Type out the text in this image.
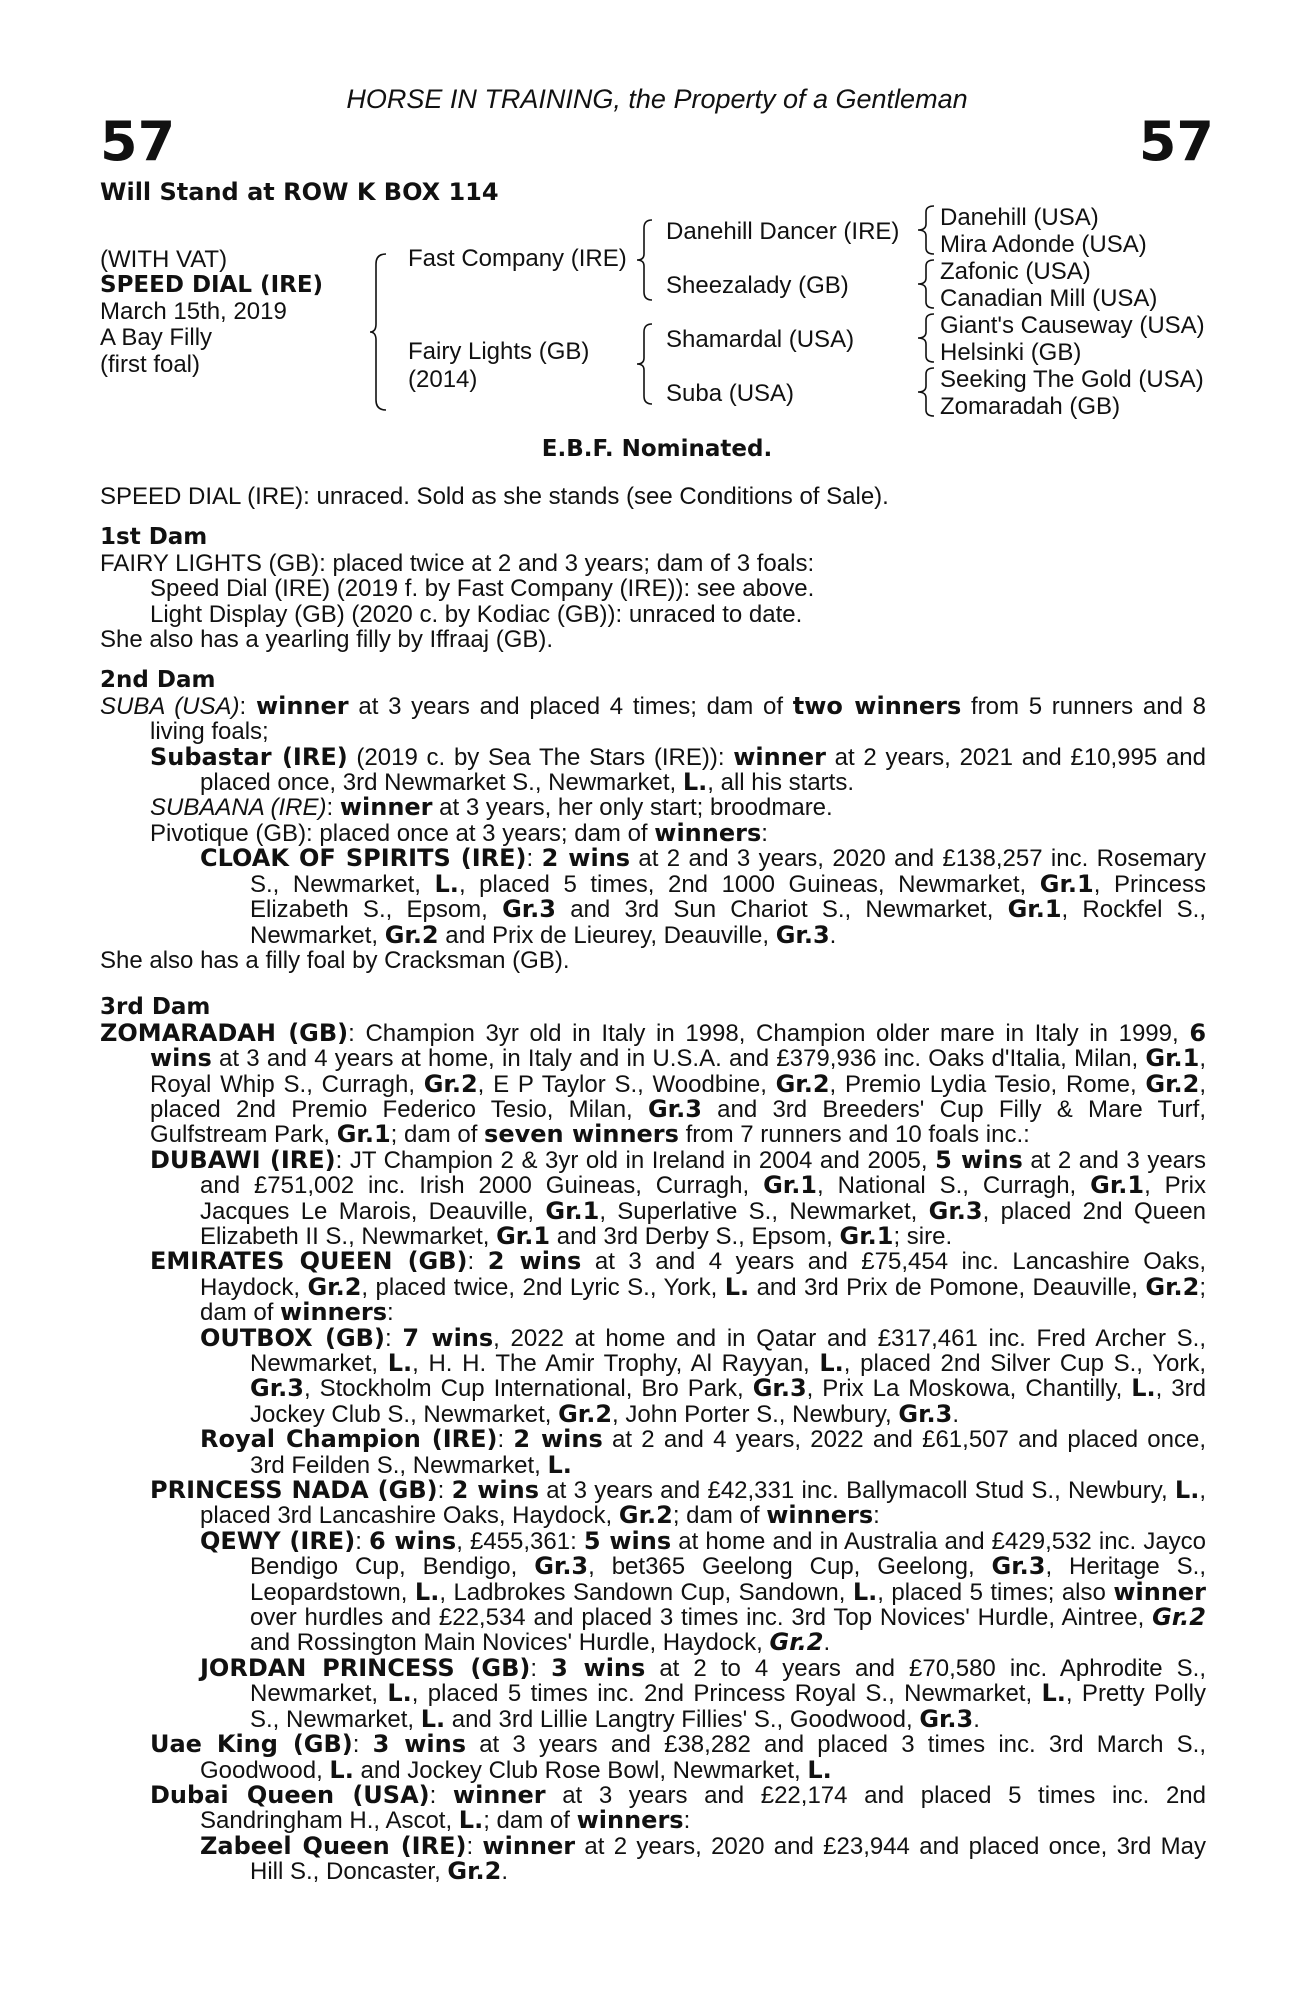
HORSE IN TRAINING, the Property of a Gentleman
57	57
Will Stand at ROW K BOX 114
(WITH VAT)
SPEED DIAL (IRE)
March 15th, 2019
A Bay Filly
(first foal)
Fast Company (IRE)
Fairy Lights (GB)
(2014)
Danehill Dancer (IRE)
Sheezalady (GB)
Shamardal (USA)
Suba (USA)
Danehill (USA)
Mira Adonde (USA)
Zafonic (USA)
Canadian Mill (USA)
Giant's Causeway (USA)
Helsinki (GB)
Seeking The Gold (USA)
Zomaradah (GB)
E.B.F. Nominated.

SPEED DIAL (IRE): unraced. Sold as she stands (see Conditions of Sale).

1st Dam

FAIRY LIGHTS (GB): placed twice at 2 and 3 years; dam of 3 foals:

Speed Dial (IRE) (2019 f. by Fast Company (IRE)): see above.

Light Display (GB) (2020 c. by Kodiac (GB)): unraced to date.

She also has a yearling filly by Iffraaj (GB).

2nd Dam

SUBA (USA): winner at 3 years and placed 4 times; dam of two winners from 5 runners and 8 living foals;

Subastar (IRE) (2019 c. by Sea The Stars (IRE)): winner at 2 years, 2021 and £10,995 and placed once, 3rd Newmarket S., Newmarket, L., all his starts.

SUBAANA (IRE): winner at 3 years, her only start; broodmare.

Pivotique (GB): placed once at 3 years; dam of winners:

CLOAK OF SPIRITS (IRE): 2 wins at 2 and 3 years, 2020 and £138,257 inc. Rosemary S., Newmarket, L., placed 5 times, 2nd 1000 Guineas, Newmarket, Gr.1, Princess Elizabeth S., Epsom, Gr.3 and 3rd Sun Chariot S., Newmarket, Gr.1, Rockfel S., Newmarket, Gr.2 and Prix de Lieurey, Deauville, Gr.3.

She also has a filly foal by Cracksman (GB).

3rd Dam

ZOMARADAH (GB): Champion 3yr old in Italy in 1998, Champion older mare in Italy in 1999, 6 wins at 3 and 4 years at home, in Italy and in U.S.A. and £379,936 inc. Oaks d'Italia, Milan, Gr.1, Royal Whip S., Curragh, Gr.2, E P Taylor S., Woodbine, Gr.2, Premio Lydia Tesio, Rome, Gr.2, placed 2nd Premio Federico Tesio, Milan, Gr.3 and 3rd Breeders' Cup Filly & Mare Turf, Gulfstream Park, Gr.1; dam of seven winners from 7 runners and 10 foals inc.:

DUBAWI (IRE): JT Champion 2 & 3yr old in Ireland in 2004 and 2005, 5 wins at 2 and 3 years and £751,002 inc. Irish 2000 Guineas, Curragh, Gr.1, National S., Curragh, Gr.1, Prix Jacques Le Marois, Deauville, Gr.1, Superlative S., Newmarket, Gr.3, placed 2nd Queen Elizabeth II S., Newmarket, Gr.1 and 3rd Derby S., Epsom, Gr.1; sire.

EMIRATES QUEEN (GB): 2 wins at 3 and 4 years and £75,454 inc. Lancashire Oaks, Haydock, Gr.2, placed twice, 2nd Lyric S., York, L. and 3rd Prix de Pomone, Deauville, Gr.2; dam of winners:

OUTBOX (GB): 7 wins, 2022 at home and in Qatar and £317,461 inc. Fred Archer S., Newmarket, L., H. H. The Amir Trophy, Al Rayyan, L., placed 2nd Silver Cup S., York, Gr.3, Stockholm Cup International, Bro Park, Gr.3, Prix La Moskowa, Chantilly, L., 3rd Jockey Club S., Newmarket, Gr.2, John Porter S., Newbury, Gr.3.

Royal Champion (IRE): 2 wins at 2 and 4 years, 2022 and £61,507 and placed once, 3rd Feilden S., Newmarket, L.

PRINCESS NADA (GB): 2 wins at 3 years and £42,331 inc. Ballymacoll Stud S., Newbury, L., placed 3rd Lancashire Oaks, Haydock, Gr.2; dam of winners:

QEWY (IRE): 6 wins, £455,361: 5 wins at home and in Australia and £429,532 inc. Jayco Bendigo Cup, Bendigo, Gr.3, bet365 Geelong Cup, Geelong, Gr.3, Heritage S., Leopardstown, L., Ladbrokes Sandown Cup, Sandown, L., placed 5 times; also winner over hurdles and £22,534 and placed 3 times inc. 3rd Top Novices' Hurdle, Aintree, Gr.2 and Rossington Main Novices' Hurdle, Haydock, Gr.2.

JORDAN PRINCESS (GB): 3 wins at 2 to 4 years and £70,580 inc. Aphrodite S., Newmarket, L., placed 5 times inc. 2nd Princess Royal S., Newmarket, L., Pretty Polly S., Newmarket, L. and 3rd Lillie Langtry Fillies' S., Goodwood, Gr.3.

Uae King (GB): 3 wins at 3 years and £38,282 and placed 3 times inc. 3rd March S., Goodwood, L. and Jockey Club Rose Bowl, Newmarket, L.

Dubai Queen (USA): winner at 3 years and £22,174 and placed 5 times inc. 2nd Sandringham H., Ascot, L.; dam of winners:

Zabeel Queen (IRE): winner at 2 years, 2020 and £23,944 and placed once, 3rd May Hill S., Doncaster, Gr.2.
